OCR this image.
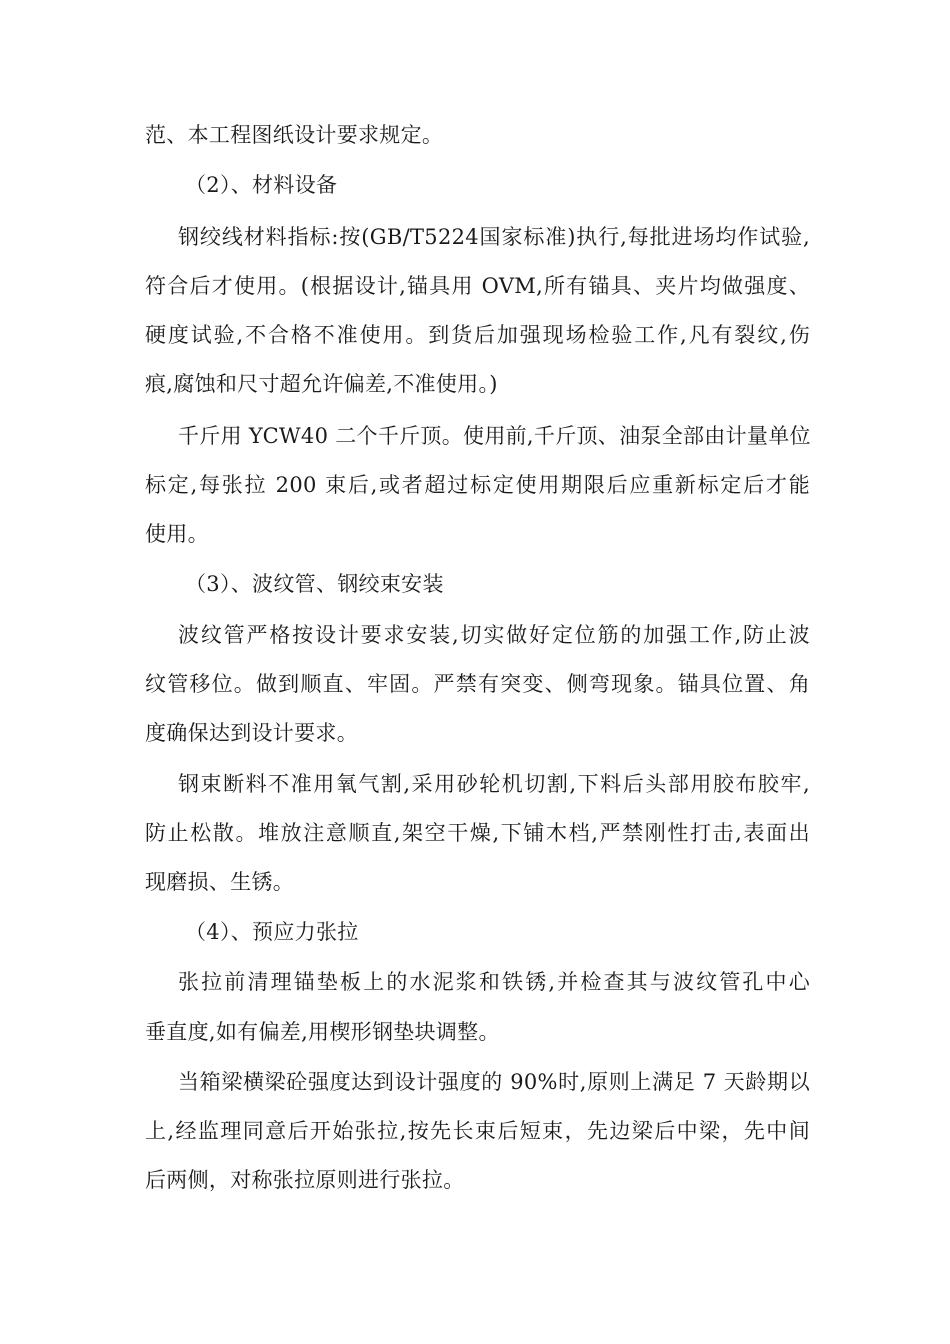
范、本工程图纸设计要求规定。
（2）、材料设备
钢绞线材料指标:按(GB/T5224国家标准)执行,每批进场均作试验,
符合后才使用。(根据设计,锚具用 OVM,所有锚具、夹片均做强度、
硬度试验,不合格不准使用。到货后加强现场检验工作,凡有裂纹,伤
痕,腐蚀和尺寸超允许偏差,不准使用。)
千斤用 YCW40 二个千斤顶。使用前,千斤顶、油泵全部由计量单位
标定,每张拉 200 束后,或者超过标定使用期限后应重新标定后才能
使用。
（3）、波纹管、钢绞束安装
波纹管严格按设计要求安装,切实做好定位筋的加强工作,防止波
纹管移位。做到顺直、牢固。严禁有突变、侧弯现象。锚具位置、角
度确保达到设计要求。
钢束断料不准用氧气割,采用砂轮机切割,下料后头部用胶布胶牢,
防止松散。堆放注意顺直,架空干燥,下铺木档,严禁刚性打击,表面出
现磨损、生锈。
（4）、预应力张拉
张拉前清理锚垫板上的水泥浆和铁锈,并检查其与波纹管孔中心
垂直度,如有偏差,用楔形钢垫块调整。
当箱梁横梁砼强度达到设计强度的 90%时,原则上满足 7 天龄期以
上,经监理同意后开始张拉,按先长束后短束，先边梁后中梁，先中间
后两侧，对称张拉原则进行张拉。
